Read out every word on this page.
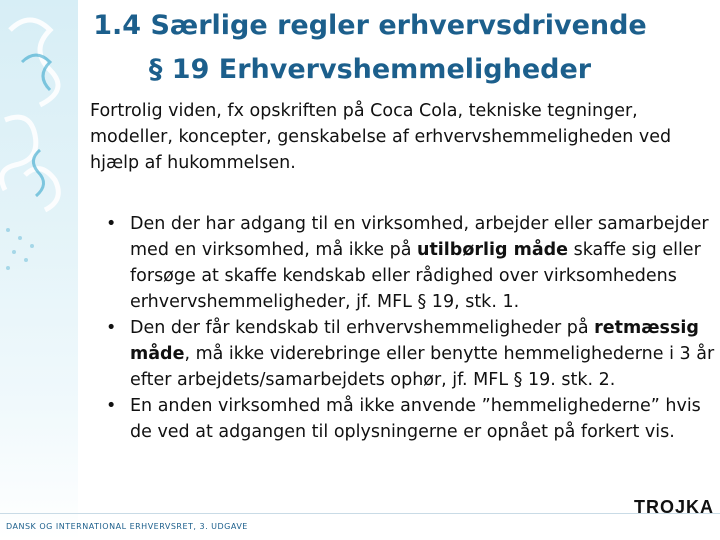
1.4 Særlige regler erhvervsdrivende
§ 19 Erhvervshemmeligheder

Fortrolig viden, fx opskriften på Coca Cola, tekniske tegninger, modeller, koncepter, genskabelse af erhvervshemmeligheden ved hjælp af hukommelsen.

• Den der har adgang til en virksomhed, arbejder eller samarbejder med en virksomhed, må ikke på utilbørlig måde skaffe sig eller forsøge at skaffe kendskab eller rådighed over virksomhedens erhvervshemmeligheder, jf. MFL § 19, stk. 1.
• Den der får kendskab til erhvervshemmeligheder på retmæssig måde, må ikke viderebringe eller benytte hemmelighederne i 3 år efter arbejdets/samarbejdets ophør, jf. MFL § 19. stk. 2.
• En anden virksomhed må ikke anvende ”hemmelighederne” hvis de ved at adgangen til oplysningerne er opnået på forkert vis.
TROJKA
DANSK OG INTERNATIONAL ERHVERVSRET, 3. UDGAVE
